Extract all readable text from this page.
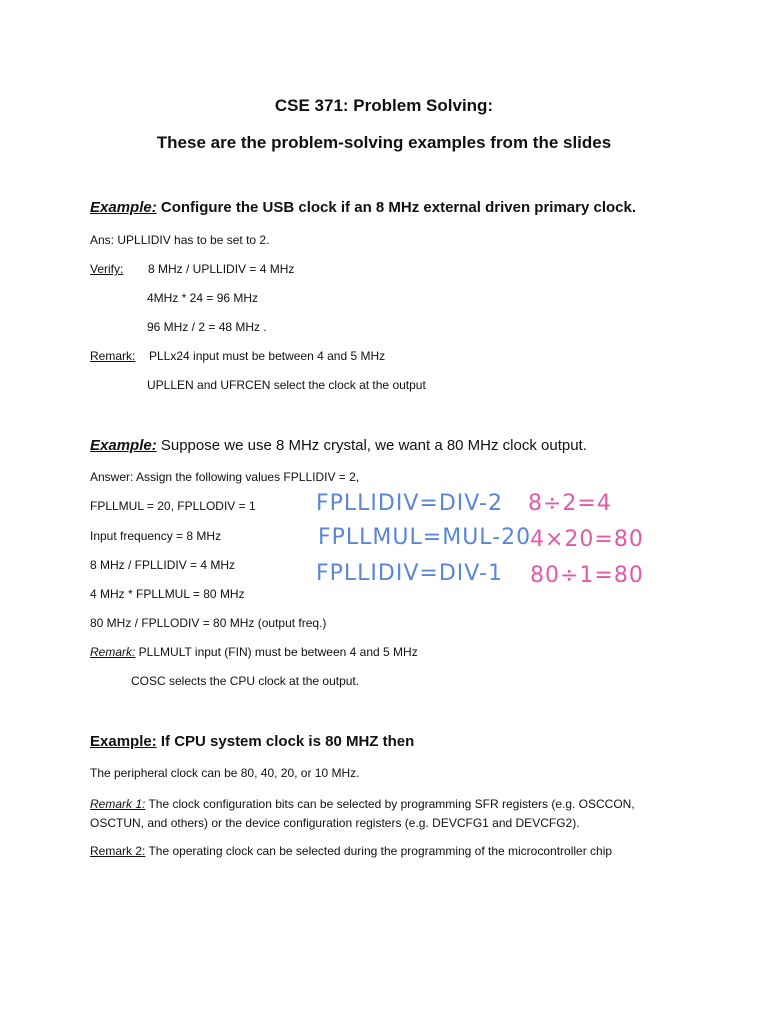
CSE 371: Problem Solving:
These are the problem-solving examples from the slides
Example: Configure the USB clock if an 8 MHz external driven primary clock.
Ans: UPLLIDIV has to be set to 2.
Verify: 8 MHz / UPLLIDIV = 4 MHz
4MHz * 24 = 96 MHz
96 MHz / 2 = 48 MHz .
Remark: PLLx24 input must be between 4 and 5 MHz
UPLLEN and UFRCEN select the clock at the output
Example: Suppose we use 8 MHz crystal, we want a 80 MHz clock output.
Answer: Assign the following values FPLLIDIV = 2,
FPLLMUL = 20, FPLLODIV = 1
Input frequency = 8 MHz
8 MHz / FPLLIDIV = 4 MHz
4 MHz * FPLLMUL = 80 MHz
80 MHz / FPLLODIV = 80 MHz (output freq.)
Remark: PLLMULT input (FIN) must be between 4 and 5 MHz
COSC selects the CPU clock at the output.
FPLLIDIV=DIV-2
FPLLMUL=MUL-20
FPLLIDIV=DIV-1
8÷2=4
4×20=80
80÷1=80
Example: If CPU system clock is 80 MHZ then
The peripheral clock can be 80, 40, 20, or 10 MHz.
Remark 1: The clock configuration bits can be selected by programming SFR registers (e.g. OSCCON, OSCTUN, and others) or the device configuration registers (e.g. DEVCFG1 and DEVCFG2).
Remark 2: The operating clock can be selected during the programming of the microcontroller chip
